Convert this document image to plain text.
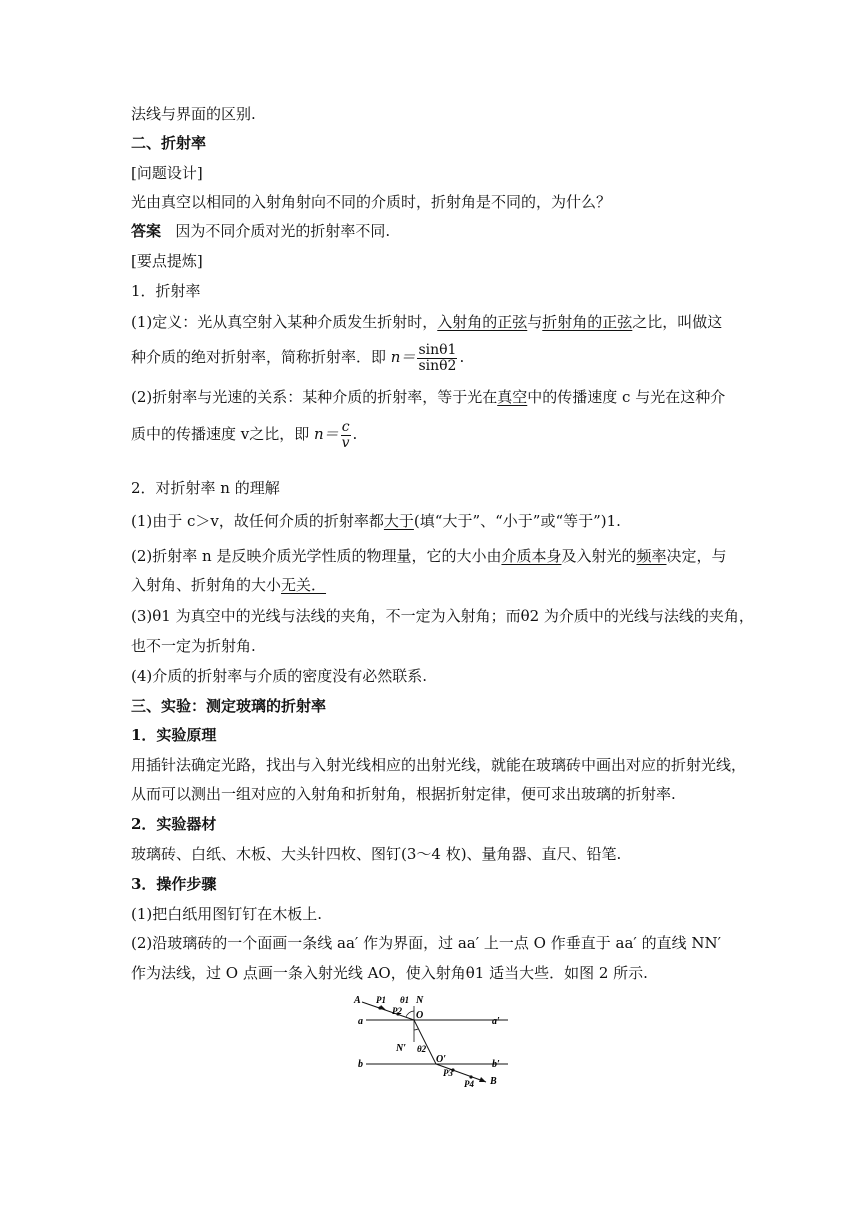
法线与界面的区别.
二、折射率
[问题设计]
光由真空以相同的入射角射向不同的介质时，折射角是不同的，为什么？
答案 因为不同介质对光的折射率不同.
[要点提炼]
1．折射率
(1)定义：光从真空射入某种介质发生折射时，入射角的正弦与折射角的正弦之比，叫做这
种介质的绝对折射率，简称折射率．即 $n= \frac{\sin\theta 1}{\sin\theta 2}$ .
(2)折射率与光速的关系：某种介质的折射率，等于光在真空中的传播速度 c 与光在这种介
质中的传播速度 v之比，即 $n= \frac{c}{v}$ .
2．对折射率 n 的理解
(1)由于 c＞v，故任何介质的折射率都大于(填“大于”、“小于”或“等于”)1.
(2)折射率 n 是反映介质光学性质的物理量，它的大小由介质本身及入射光的频率决定，与
入射角、折射角的大小无关．
(3)θ1 为真空中的光线与法线的夹角，不一定为入射角；而θ2 为介质中的光线与法线的夹角，
也不一定为折射角.
(4)介质的折射率与介质的密度没有必然联系.
三、实验：测定玻璃的折射率
1．实验原理
用插针法确定光路，找出与入射光线相应的出射光线，就能在玻璃砖中画出对应的折射光线，
从而可以测出一组对应的入射角和折射角，根据折射定律，便可求出玻璃的折射率.
2．实验器材
玻璃砖、白纸、木板、大头针四枚、图钉(3～4 枚)、量角器、直尺、铅笔.
3．操作步骤
(1)把白纸用图钉钉在木板上.
(2)沿玻璃砖的一个面画一条线 aa′ 作为界面，过 aa′ 上一点 O 作垂直于 aa′ 的直线 NN′
作为法线，过 O 点画一条入射光线 AO，使入射角θ1 适当大些．如图 2 所示.
A P1
P2
θ1 N
O
a	a′
b	b′
N′ θ2
O′
P3
P4 B
